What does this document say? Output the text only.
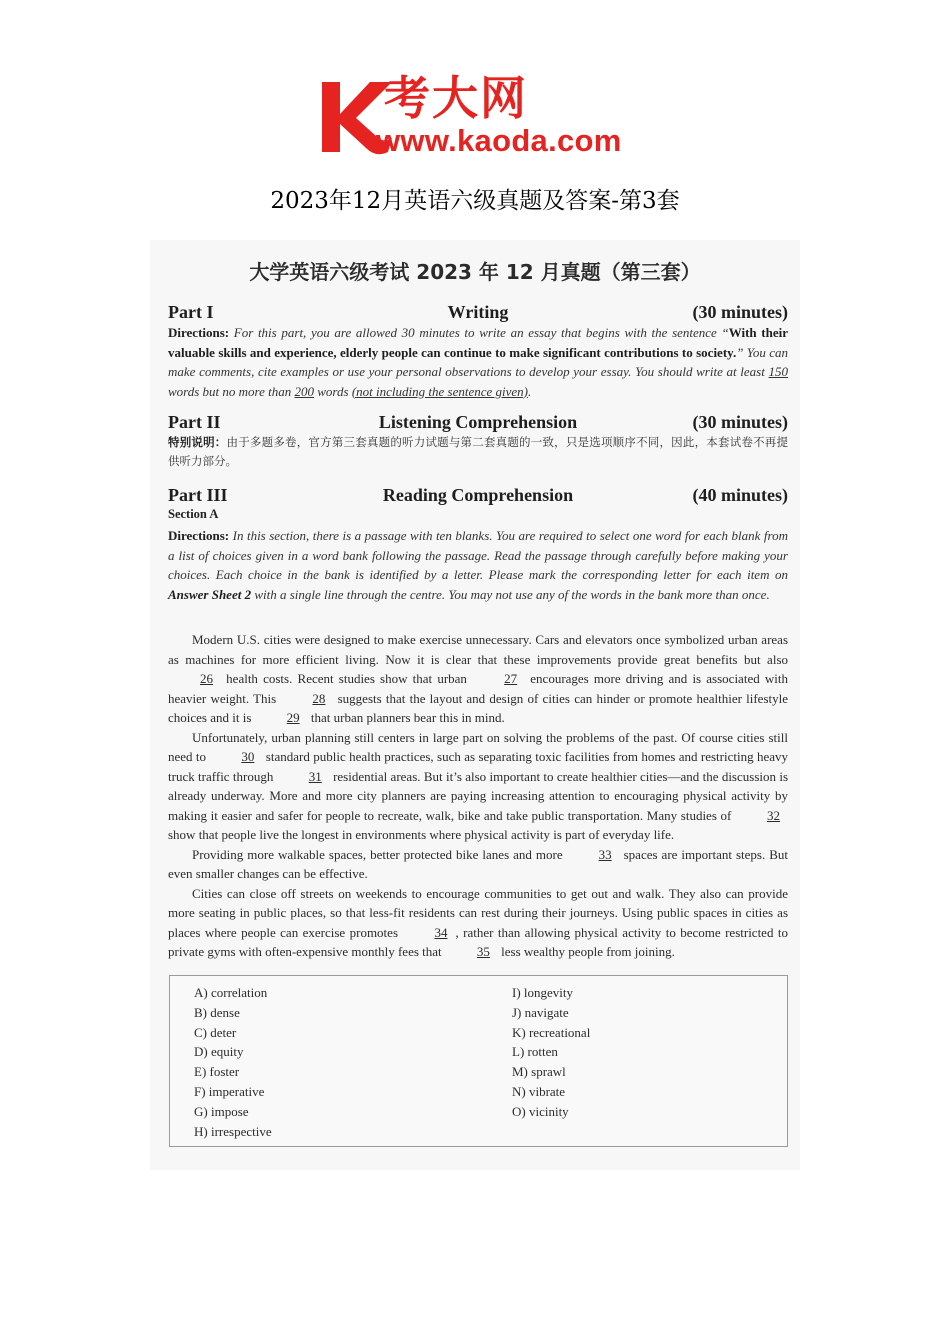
考大网
www.kaoda.com
2023年12月英语六级真题及答案-第3套
大学英语六级考试 2023 年 12 月真题（第三套）
Part I	Writing	(30 minutes)
Directions: For this part, you are allowed 30 minutes to write an essay that begins with the sentence “With their valuable skills and experience, elderly people can continue to make significant contributions to society.” You can make comments, cite examples or use your personal observations to develop your essay. You should write at least 150 words but no more than 200 words (not including the sentence given).
Part II	Listening Comprehension	(30 minutes)
特别说明：由于多题多卷，官方第三套真题的听力试题与第二套真题的一致，只是选项顺序不同，因此，本套试卷不再提供听力部分。
Part III	Reading Comprehension	(40 minutes)
Section A
Directions: In this section, there is a passage with ten blanks. You are required to select one word for each blank from a list of choices given in a word bank following the passage. Read the passage through carefully before making your choices. Each choice in the bank is identified by a letter. Please mark the corresponding letter for each item on Answer Sheet 2 with a single line through the centre. You may not use any of the words in the bank more than once.

Modern U.S. cities were designed to make exercise unnecessary. Cars and elevators once symbolized urban areas as machines for more efficient living. Now it is clear that these improvements provide great benefits but also 26 health costs. Recent studies show that urban 27 encourages more driving and is associated with heavier weight. This 28 suggests that the layout and design of cities can hinder or promote healthier lifestyle choices and it is 29 that urban planners bear this in mind.

Unfortunately, urban planning still centers in large part on solving the problems of the past. Of course cities still need to 30 standard public health practices, such as separating toxic facilities from homes and restricting heavy truck traffic through 31 residential areas. But it’s also important to create healthier cities—and the discussion is already underway. More and more city planners are paying increasing attention to encouraging physical activity by making it easier and safer for people to recreate, walk, bike and take public transportation. Many studies of 32 show that people live the longest in environments where physical activity is part of everyday life.

Providing more walkable spaces, better protected bike lanes and more 33 spaces are important steps. But even smaller changes can be effective.

Cities can close off streets on weekends to encourage communities to get out and walk. They also can provide more seating in public places, so that less-fit residents can rest during their journeys. Using public spaces in cities as places where people can exercise promotes 34 , rather than allowing physical activity to become restricted to private gyms with often-expensive monthly fees that 35 less wealthy people from joining.

A) correlation
B) dense
C) deter
D) equity
E) foster
F) imperative
G) impose
H) irrespective
I) longevity
J) navigate
K) recreational
L) rotten
M) sprawl
N) vibrate
O) vicinity
